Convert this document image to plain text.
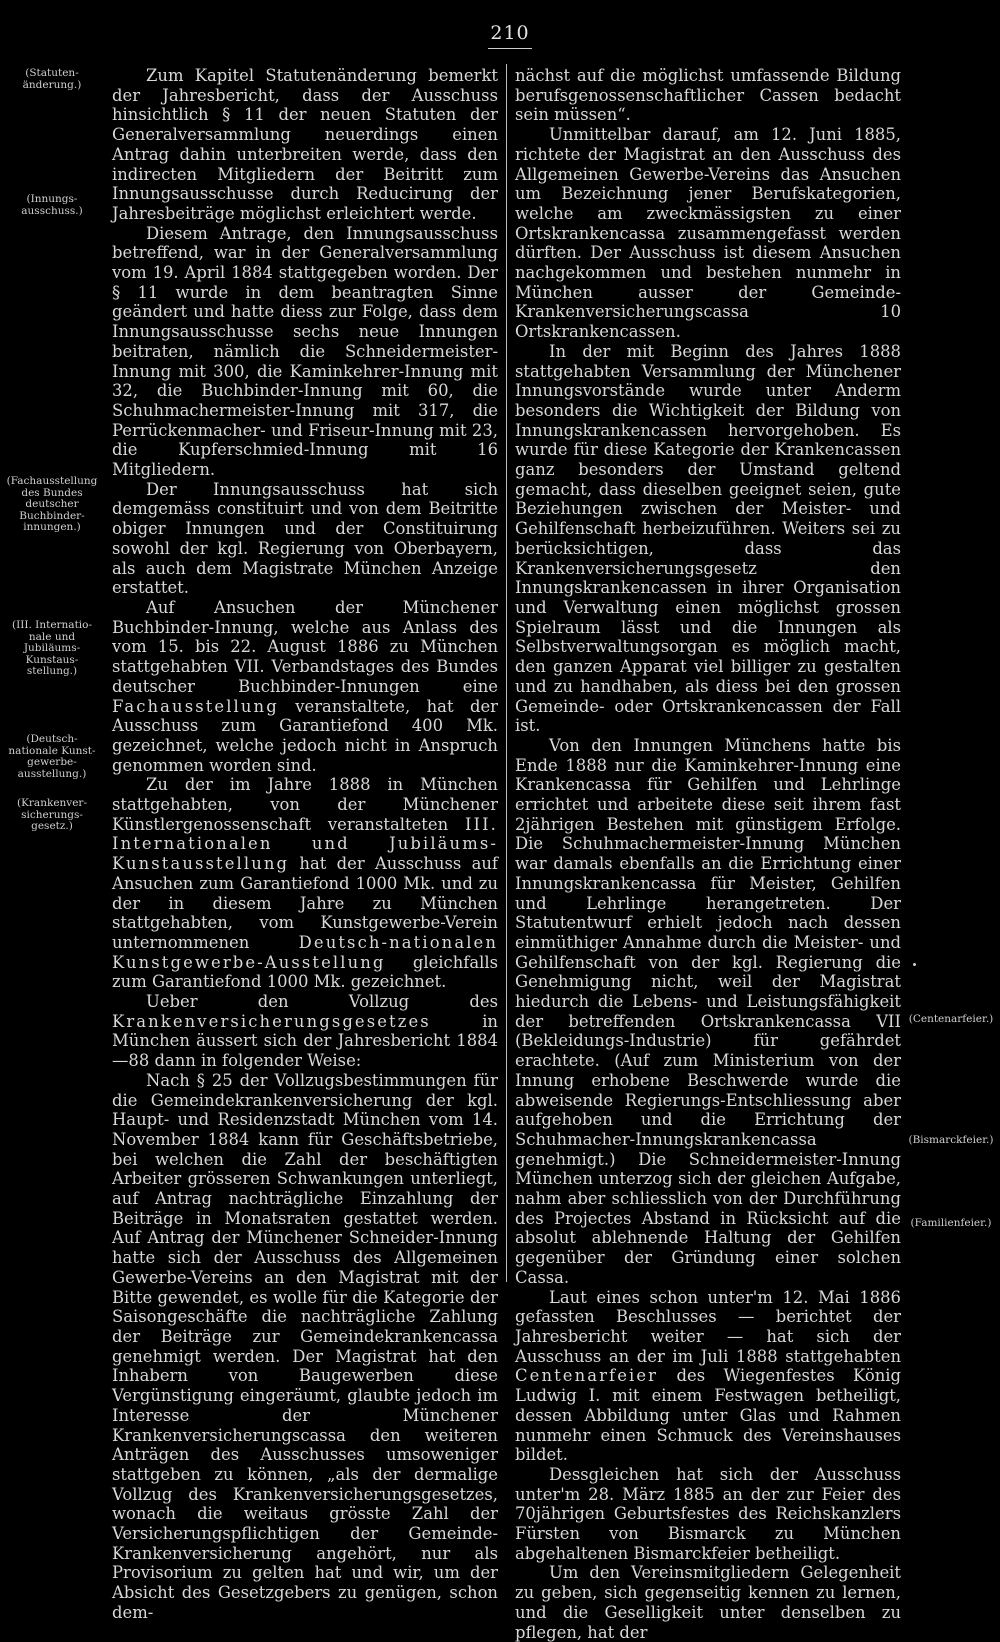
210
(Statuten-
änderung.)
(Innungs-
ausschuss.)
(Fachausstellung
des Bundes
deutscher
Buchbinder-
innungen.)
(III. Internatio-
nale und
Jubiläums-
Kunstaus-
stellung.)
(Deutsch-
nationale Kunst-
gewerbe-
ausstellung.)
(Krankenver-
sicherungs-
gesetz.)
(Centenarfeier.)
(Bismarckfeier.)
(Familienfeier.)

Zum Kapitel Statutenänderung bemerkt der Jahresbericht, dass der Ausschuss hinsichtlich § 11 der neuen Statuten der Generalversammlung neuerdings einen Antrag dahin unterbreiten werde, dass den indirecten Mitgliedern der Beitritt zum Innungsausschusse durch Reducirung der Jahresbeiträge möglichst erleichtert werde.

Diesem Antrage, den Innungsausschuss betreffend, war in der Generalversammlung vom 19. April 1884 stattgegeben worden. Der § 11 wurde in dem beantragten Sinne geändert und hatte diess zur Folge, dass dem Innungsausschusse sechs neue Innungen beitraten, nämlich die Schneidermeister-Innung mit 300, die Kaminkehrer-Innung mit 32, die Buchbinder-Innung mit 60, die Schuhmachermeister-Innung mit 317, die Perrückenmacher- und Friseur-Innung mit 23, die Kupferschmied-Innung mit 16 Mitgliedern.

Der Innungsausschuss hat sich demgemäss constituirt und von dem Beitritte obiger Innungen und der Constituirung sowohl der kgl. Regierung von Oberbayern, als auch dem Magistrate München Anzeige erstattet.

Auf Ansuchen der Münchener Buchbinder-Innung, welche aus Anlass des vom 15. bis 22. August 1886 zu München stattgehabten VII. Verbandstages des Bundes deutscher Buchbinder-Innungen eine Fachausstellung veranstaltete, hat der Ausschuss zum Garantiefond 400 Mk. gezeichnet, welche jedoch nicht in Anspruch genommen worden sind.

Zu der im Jahre 1888 in München stattgehabten, von der Münchener Künstlergenossenschaft veranstalteten III. Internationalen und Jubiläums-Kunstausstellung hat der Ausschuss auf Ansuchen zum Garantiefond 1000 Mk. und zu der in diesem Jahre zu München stattgehabten, vom Kunstgewerbe-Verein unternommenen	Deutsch-nationalen Kunstgewerbe-Ausstellung gleichfalls zum Garantiefond 1000 Mk. gezeichnet.

Ueber den Vollzug des Krankenversicherungsgesetzes	in München äussert sich der Jahresbericht 1884—88 dann in folgender Weise:

Nach § 25 der Vollzugsbestimmungen für die Gemeindekrankenversicherung der kgl. Haupt- und Residenzstadt München vom 14. November 1884 kann für Geschäftsbetriebe, bei welchen die Zahl der beschäftigten Arbeiter grösseren Schwankungen unterliegt, auf Antrag nachträgliche Einzahlung der Beiträge in Monatsraten gestattet werden. Auf Antrag der Münchener Schneider-Innung hatte sich der Ausschuss des Allgemeinen Gewerbe-Vereins an den Magistrat mit der Bitte gewendet, es wolle für die Kategorie der Saisongeschäfte die nachträgliche Zahlung der Beiträge zur Gemeindekrankencassa genehmigt werden. Der Magistrat hat den Inhabern von Baugewerben diese Vergünstigung eingeräumt, glaubte jedoch im Interesse der Münchener Krankenversicherungscassa den weiteren Anträgen des Ausschusses umsoweniger stattgeben zu können, „als der dermalige Vollzug des Krankenversicherungsgesetzes, wonach die weitaus grösste Zahl der Versicherungspflichtigen der Gemeinde-Krankenversicherung angehört, nur als Provisorium zu gelten hat und wir, um der Absicht des Gesetzgebers zu genügen, schon dem-

nächst auf die möglichst umfassende Bildung berufsgenossenschaftlicher Cassen bedacht sein müssen“.

Unmittelbar darauf, am 12. Juni 1885, richtete der Magistrat an den Ausschuss des Allgemeinen Gewerbe-Vereins das Ansuchen um Bezeichnung jener Berufskategorien, welche am zweckmässigsten zu einer Ortskrankencassa zusammengefasst werden dürften. Der Ausschuss ist diesem Ansuchen nachgekommen und bestehen nunmehr in München ausser der Gemeinde-Krankenversicherungscassa 10 Ortskrankencassen.

In der mit Beginn des Jahres 1888 stattgehabten Versammlung der Münchener Innungsvorstände wurde unter Anderm besonders die Wichtigkeit der Bildung von Innungskrankencassen hervorgehoben. Es wurde für diese Kategorie der Krankencassen ganz besonders der Umstand geltend gemacht, dass dieselben geeignet seien, gute Beziehungen zwischen der Meister- und Gehilfenschaft herbeizuführen. Weiters sei zu berücksichtigen, dass das Krankenversicherungsgesetz den Innungskrankencassen in ihrer Organisation und Verwaltung einen möglichst grossen Spielraum lässt und die Innungen als Selbstverwaltungsorgan es möglich macht, den ganzen Apparat viel billiger zu gestalten und zu handhaben, als diess bei den grossen Gemeinde- oder Ortskrankencassen der Fall ist.

Von den Innungen Münchens hatte bis Ende 1888 nur die Kaminkehrer-Innung eine Krankencassa für Gehilfen und Lehrlinge errichtet und arbeitete diese seit ihrem fast 2jährigen Bestehen mit günstigem Erfolge. Die Schuhmachermeister-Innung München war damals ebenfalls an die Errichtung einer Innungskrankencassa für Meister, Gehilfen und Lehrlinge herangetreten. Der Statutentwurf erhielt jedoch nach dessen einmüthiger Annahme durch die Meister- und Gehilfenschaft von der kgl. Regierung die Genehmigung nicht, weil der Magistrat hiedurch die Lebens- und Leistungsfähigkeit der betreffenden Ortskrankencassa VII (Bekleidungs-Industrie) für gefährdet erachtete. (Auf zum Ministerium von der Innung erhobene Beschwerde wurde die abweisende Regierungs-Entschliessung aber aufgehoben und die Errichtung der Schuhmacher-Innungskrankencassa genehmigt.) Die Schneidermeister-Innung München unterzog sich der gleichen Aufgabe, nahm aber schliesslich von der Durchführung des Projectes Abstand in Rücksicht auf die absolut ablehnende Haltung der Gehilfen gegenüber der Gründung einer solchen Cassa.

Laut eines schon unter'm 12. Mai 1886 gefassten Beschlusses — berichtet der Jahresbericht weiter — hat sich der Ausschuss an der im Juli 1888 stattgehabten Centenarfeier des Wiegenfestes König Ludwig I. mit einem Festwagen betheiligt, dessen Abbildung unter Glas und Rahmen nunmehr einen Schmuck des Vereinshauses bildet.

Dessgleichen hat sich der Ausschuss unter'm 28. März 1885 an der zur Feier des 70jährigen Geburtsfestes des Reichskanzlers Fürsten von Bismarck zu München abgehaltenen Bismarckfeier betheiligt.

Um den Vereinsmitgliedern Gelegenheit zu geben, sich gegenseitig kennen zu lernen, und die Geselligkeit unter denselben zu pflegen, hat der
